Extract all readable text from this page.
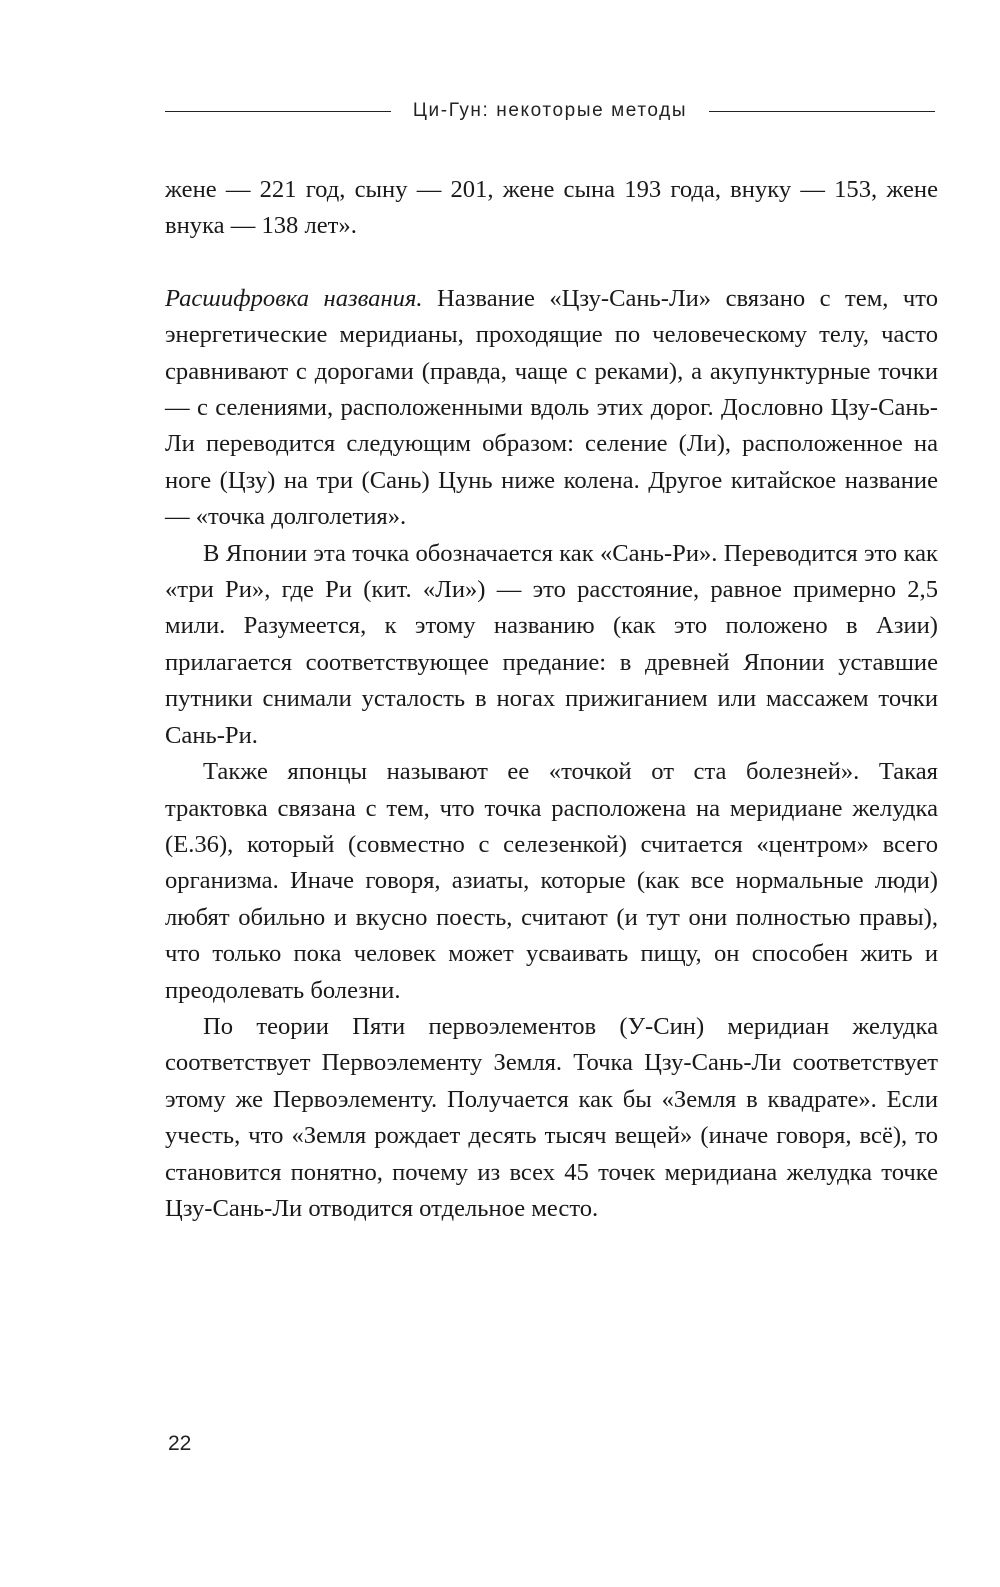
Ци-Гун: некоторые методы

жене — 221 год, сыну — 201, жене сына 193 года, внуку — 153, жене внука — 138 лет».

Расшифровка названия. Название «Цзу-Сань-Ли» связано с тем, что энергетические меридианы, проходящие по человеческому телу, часто сравнивают с дорогами (правда, чаще с реками), а акупунктурные точки — с селениями, расположенными вдоль этих дорог. Дословно Цзу-Сань-Ли переводится следующим образом: селение (Ли), расположенное на ноге (Цзу) на три (Сань) Цунь ниже колена. Другое китайское название — «точка долголетия».

В Японии эта точка обозначается как «Сань-Ри». Переводится это как «три Ри», где Ри (кит. «Ли») — это расстояние, равное примерно 2,5 мили. Разумеется, к этому названию (как это положено в Азии) прилагается соответствующее предание: в древней Японии уставшие путники снимали усталость в ногах прижиганием или массажем точки Сань-Ри.

Также японцы называют ее «точкой от ста болезней». Такая трактовка связана с тем, что точка расположена на меридиане желудка (Е.36), который (совместно с селезенкой) считается «центром» всего организма. Иначе говоря, азиаты, которые (как все нормальные люди) любят обильно и вкусно поесть, считают (и тут они полностью правы), что только пока человек может усваивать пищу, он способен жить и преодолевать болезни.

По теории Пяти первоэлементов (У-Син) меридиан желудка соответствует Первоэлементу Земля. Точка Цзу-Сань-Ли соответствует этому же Первоэлементу. Получается как бы «Земля в квадрате». Если учесть, что «Земля рождает десять тысяч вещей» (иначе говоря, всё), то становится понятно, почему из всех 45 точек меридиана желудка точке Цзу-Сань-Ли отводится отдельное место.

22
